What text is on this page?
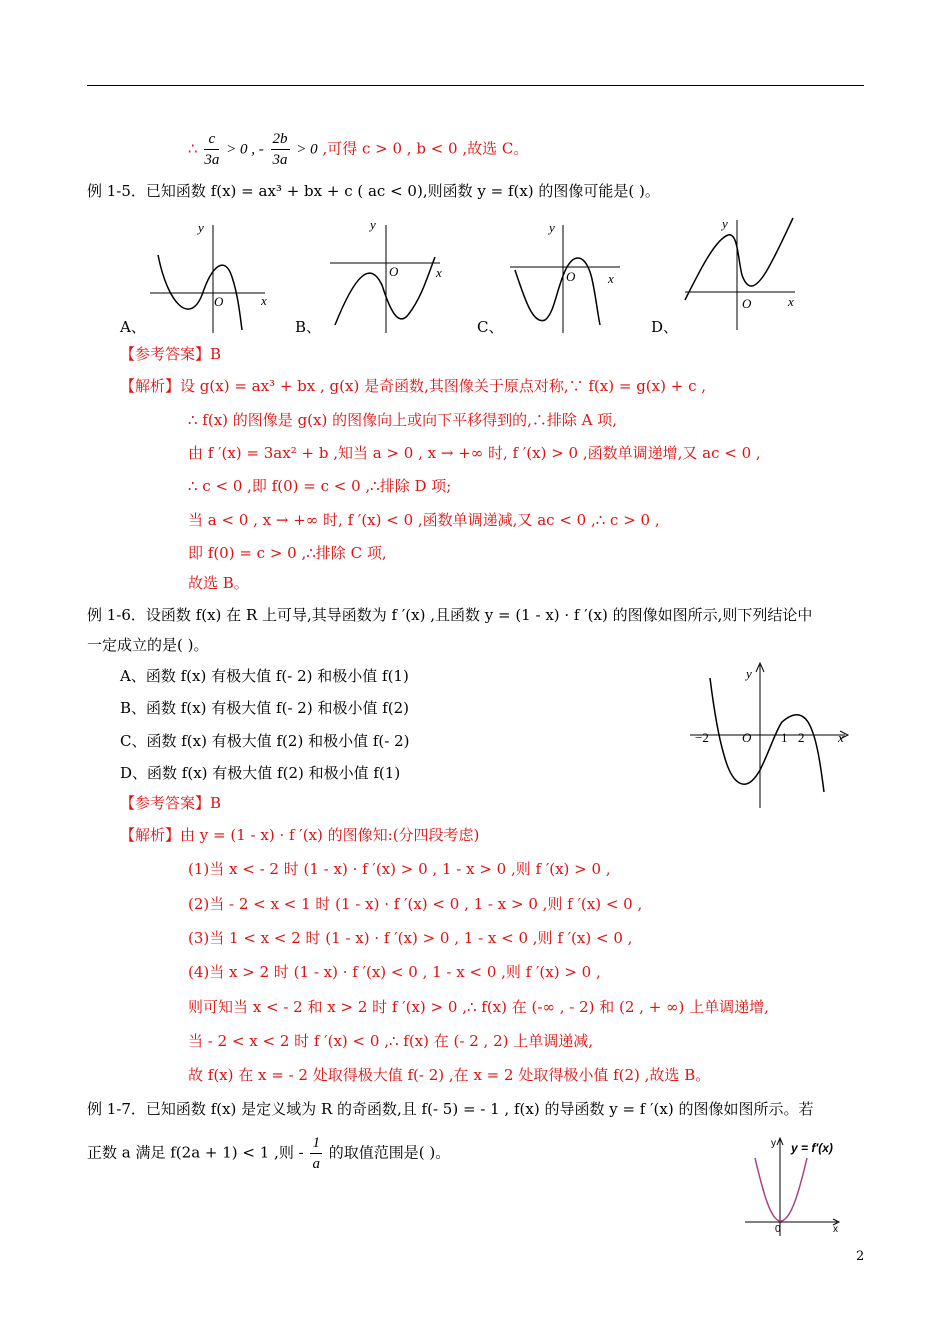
∴ $\frac{c}{3a} > 0$ , - $\frac{2b}{3a} > 0$ ,可得 c > 0 , b < 0 ,故选 C。
例 1-5．已知函数 f(x) = ax³ + bx + c ( ac < 0),则函数 y = f(x) 的图像可能是( )。
y
x
O
A、
y
x
O
B、
y
x
O
C、
y
x
O
D、
【参考答案】B
【解析】设 g(x) = ax³ + bx , g(x) 是奇函数,其图像关于原点对称,∵ f(x) = g(x) + c ,
∴ f(x) 的图像是 g(x) 的图像向上或向下平移得到的,∴排除 A 项,
由 f ′(x) = 3ax² + b ,知当 a > 0 , x → +∞ 时, f ′(x) > 0 ,函数单调递增,又 ac < 0 ,
∴ c < 0 ,即 f(0) = c < 0 ,∴排除 D 项;
当 a < 0 , x → +∞ 时, f ′(x) < 0 ,函数单调递减,又 ac < 0 ,∴ c > 0 ,
即 f(0) = c > 0 ,∴排除 C 项,
故选 B。
例 1-6．设函数 f(x) 在 R 上可导,其导函数为 f ′(x) ,且函数 y = (1 - x) · f ′(x) 的图像如图所示,则下列结论中
一定成立的是( )。
A、函数 f(x) 有极大值 f(- 2) 和极小值 f(1)
B、函数 f(x) 有极大值 f(- 2) 和极小值 f(2)
C、函数 f(x) 有极大值 f(2) 和极小值 f(- 2)
D、函数 f(x) 有极大值 f(2) 和极小值 f(1)
y
x
O
−2	1 2
【参考答案】B
【解析】由 y = (1 - x) · f ′(x) 的图像知:(分四段考虑)
(1)当 x < - 2 时 (1 - x) · f ′(x) > 0 , 1 - x > 0 ,则 f ′(x) > 0 ,
(2)当 - 2 < x < 1 时 (1 - x) · f ′(x) < 0 , 1 - x > 0 ,则 f ′(x) < 0 ,
(3)当 1 < x < 2 时 (1 - x) · f ′(x) > 0 , 1 - x < 0 ,则 f ′(x) < 0 ,
(4)当 x > 2 时 (1 - x) · f ′(x) < 0 , 1 - x < 0 ,则 f ′(x) > 0 ,
则可知当 x < - 2 和 x > 2 时 f ′(x) > 0 ,∴ f(x) 在 (-∞ , - 2) 和 (2 , + ∞) 上单调递增,
当 - 2 < x < 2 时 f ′(x) < 0 ,∴ f(x) 在 (- 2 , 2) 上单调递减,
故 f(x) 在 x = - 2 处取得极大值 f(- 2) ,在 x = 2 处取得极小值 f(2) ,故选 B。
例 1-7．已知函数 f(x) 是定义域为 R 的奇函数,且 f(- 5) = - 1 , f(x) 的导函数 y = f ′(x) 的图像如图所示。若
正数 a 满足 f(2a + 1) < 1 ,则 - $\frac{1}{a}$ 的取值范围是( )。	y
x
0
y = f′(x)
2
